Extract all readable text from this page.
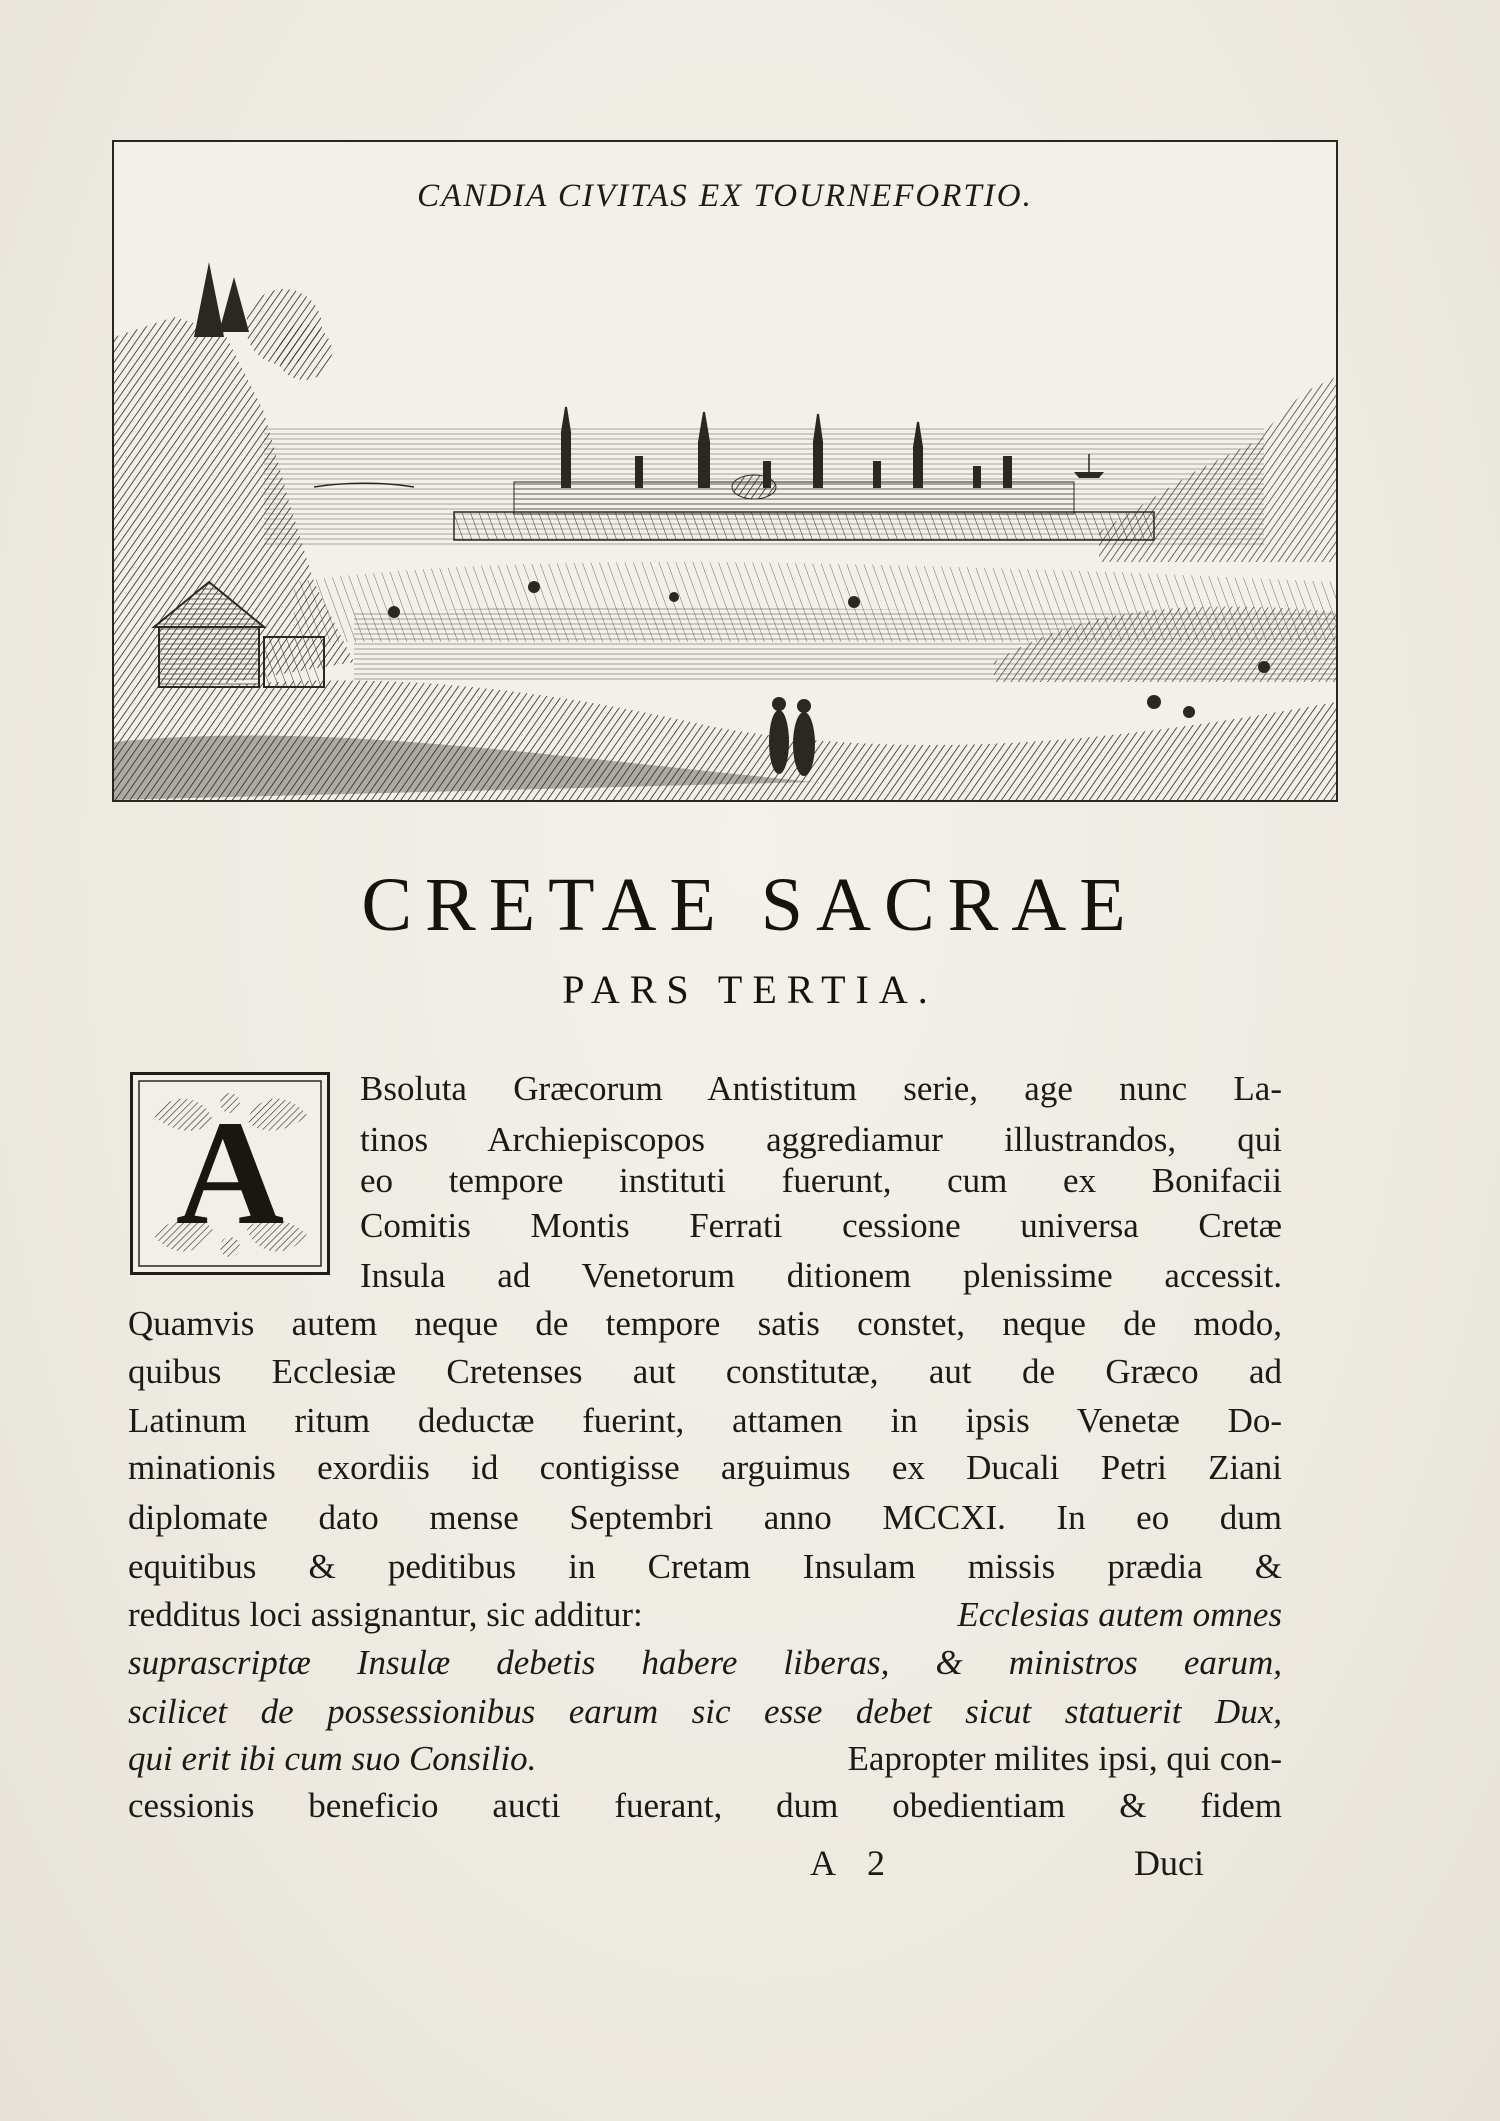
CANDIA CIVITAS EX TOURNEFORTIO.
CRETAE SACRAE
PARS TERTIA.
A
Bsoluta Græcorum Antistitum serie, age nunc La-
tinos Archiepiscopos aggrediamur illustrandos, qui
eo tempore instituti fuerunt, cum ex Bonifacii
Comitis Montis Ferrati cessione universa Cretæ
Insula ad Venetorum ditionem plenissime accessit.
Quamvis autem neque de tempore satis constet, neque de modo,
quibus Ecclesiæ Cretenses aut constitutæ, aut de Græco ad
Latinum ritum deductæ fuerint, attamen in ipsis Venetæ Do-
minationis exordiis id contigisse arguimus ex Ducali Petri Ziani
diplomate dato mense Septembri anno MCCXI. In eo dum
equitibus & peditibus in Cretam Insulam missis prædia &
redditus loci assignantur, sic additur:	Ecclesias autem omnes
suprascriptæ Insulæ debetis habere liberas, & ministros earum,
scilicet de possessionibus earum sic esse debet sicut statuerit Dux,
qui erit ibi cum suo Consilio.	Eapropter milites ipsi, qui con-
cessionis beneficio aucti fuerant, dum obedientiam & fidem
A 2	Duci
